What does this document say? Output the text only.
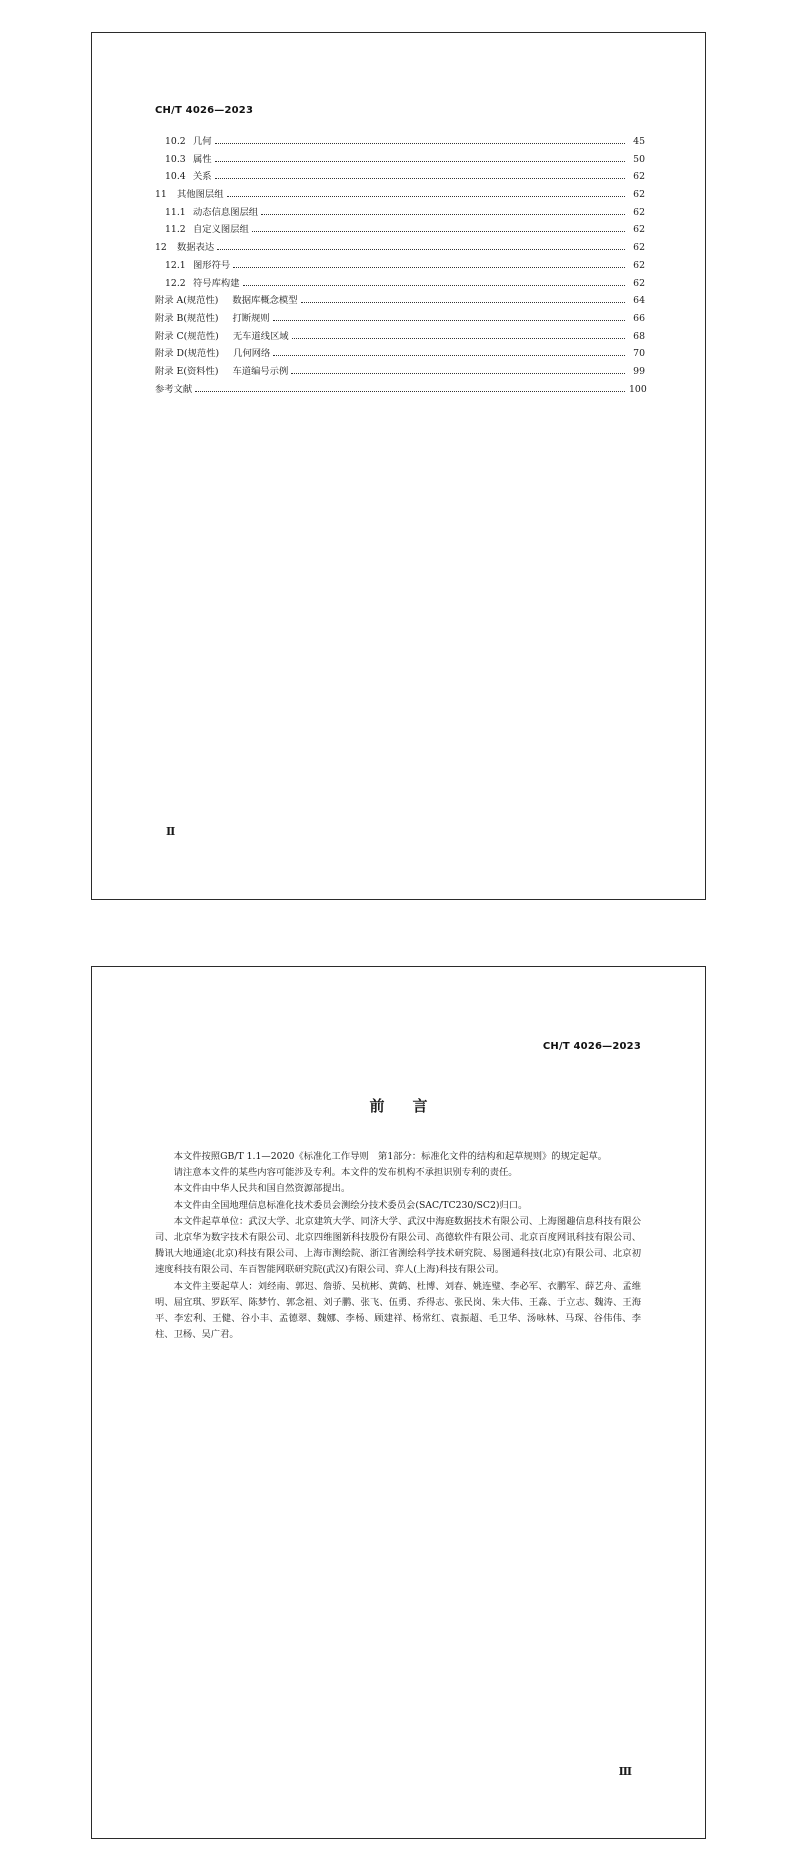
CH/T 4026—2023
10.2 几何	45
10.3 属性	50
10.4 关系	62
11	其他图层组	62
11.1 动态信息图层组	62
11.2 自定义图层组	62
12	数据表达	62
12.1 图形符号	62
12.2 符号库构建	62
附录 A(规范性) 数据库概念模型	64
附录 B(规范性) 打断规则	66
附录 C(规范性) 无车道线区域	68
附录 D(规范性) 几何网络	70
附录 E(资料性) 车道编号示例	99
参考文献	100
Ⅱ
CH/T 4026—2023
前言

本文件按照GB/T 1.1—2020《标准化工作导则　第1部分：标准化文件的结构和起草规则》的规定起草。

请注意本文件的某些内容可能涉及专利。本文件的发布机构不承担识别专利的责任。

本文件由中华人民共和国自然资源部提出。

本文件由全国地理信息标准化技术委员会测绘分技术委员会(SAC/TC230/SC2)归口。

本文件起草单位：武汉大学、北京建筑大学、同济大学、武汉中海庭数据技术有限公司、上海图趣信息科技有限公司、北京华为数字技术有限公司、北京四维图新科技股份有限公司、高德软件有限公司、北京百度网讯科技有限公司、腾讯大地通途(北京)科技有限公司、上海市测绘院、浙江省测绘科学技术研究院、易图通科技(北京)有限公司、北京初速度科技有限公司、车百智能网联研究院(武汉)有限公司、弈人(上海)科技有限公司。

本文件主要起草人：刘经南、郭迟、詹骄、吴杭彬、黄鹤、杜博、刘春、姚连璧、李必军、衣鹏军、薛艺舟、孟维明、屈宜琪、罗跃军、陈梦竹、郭念祖、刘子鹏、张飞、伍勇、乔得志、张民岗、朱大伟、王淼、于立志、魏涛、王海平、李宏利、王健、谷小丰、孟德翠、魏娜、李杨、顾建祥、杨常红、袁振超、毛卫华、汤咏林、马琛、谷伟伟、李柱、卫杨、吴广君。

Ⅲ
